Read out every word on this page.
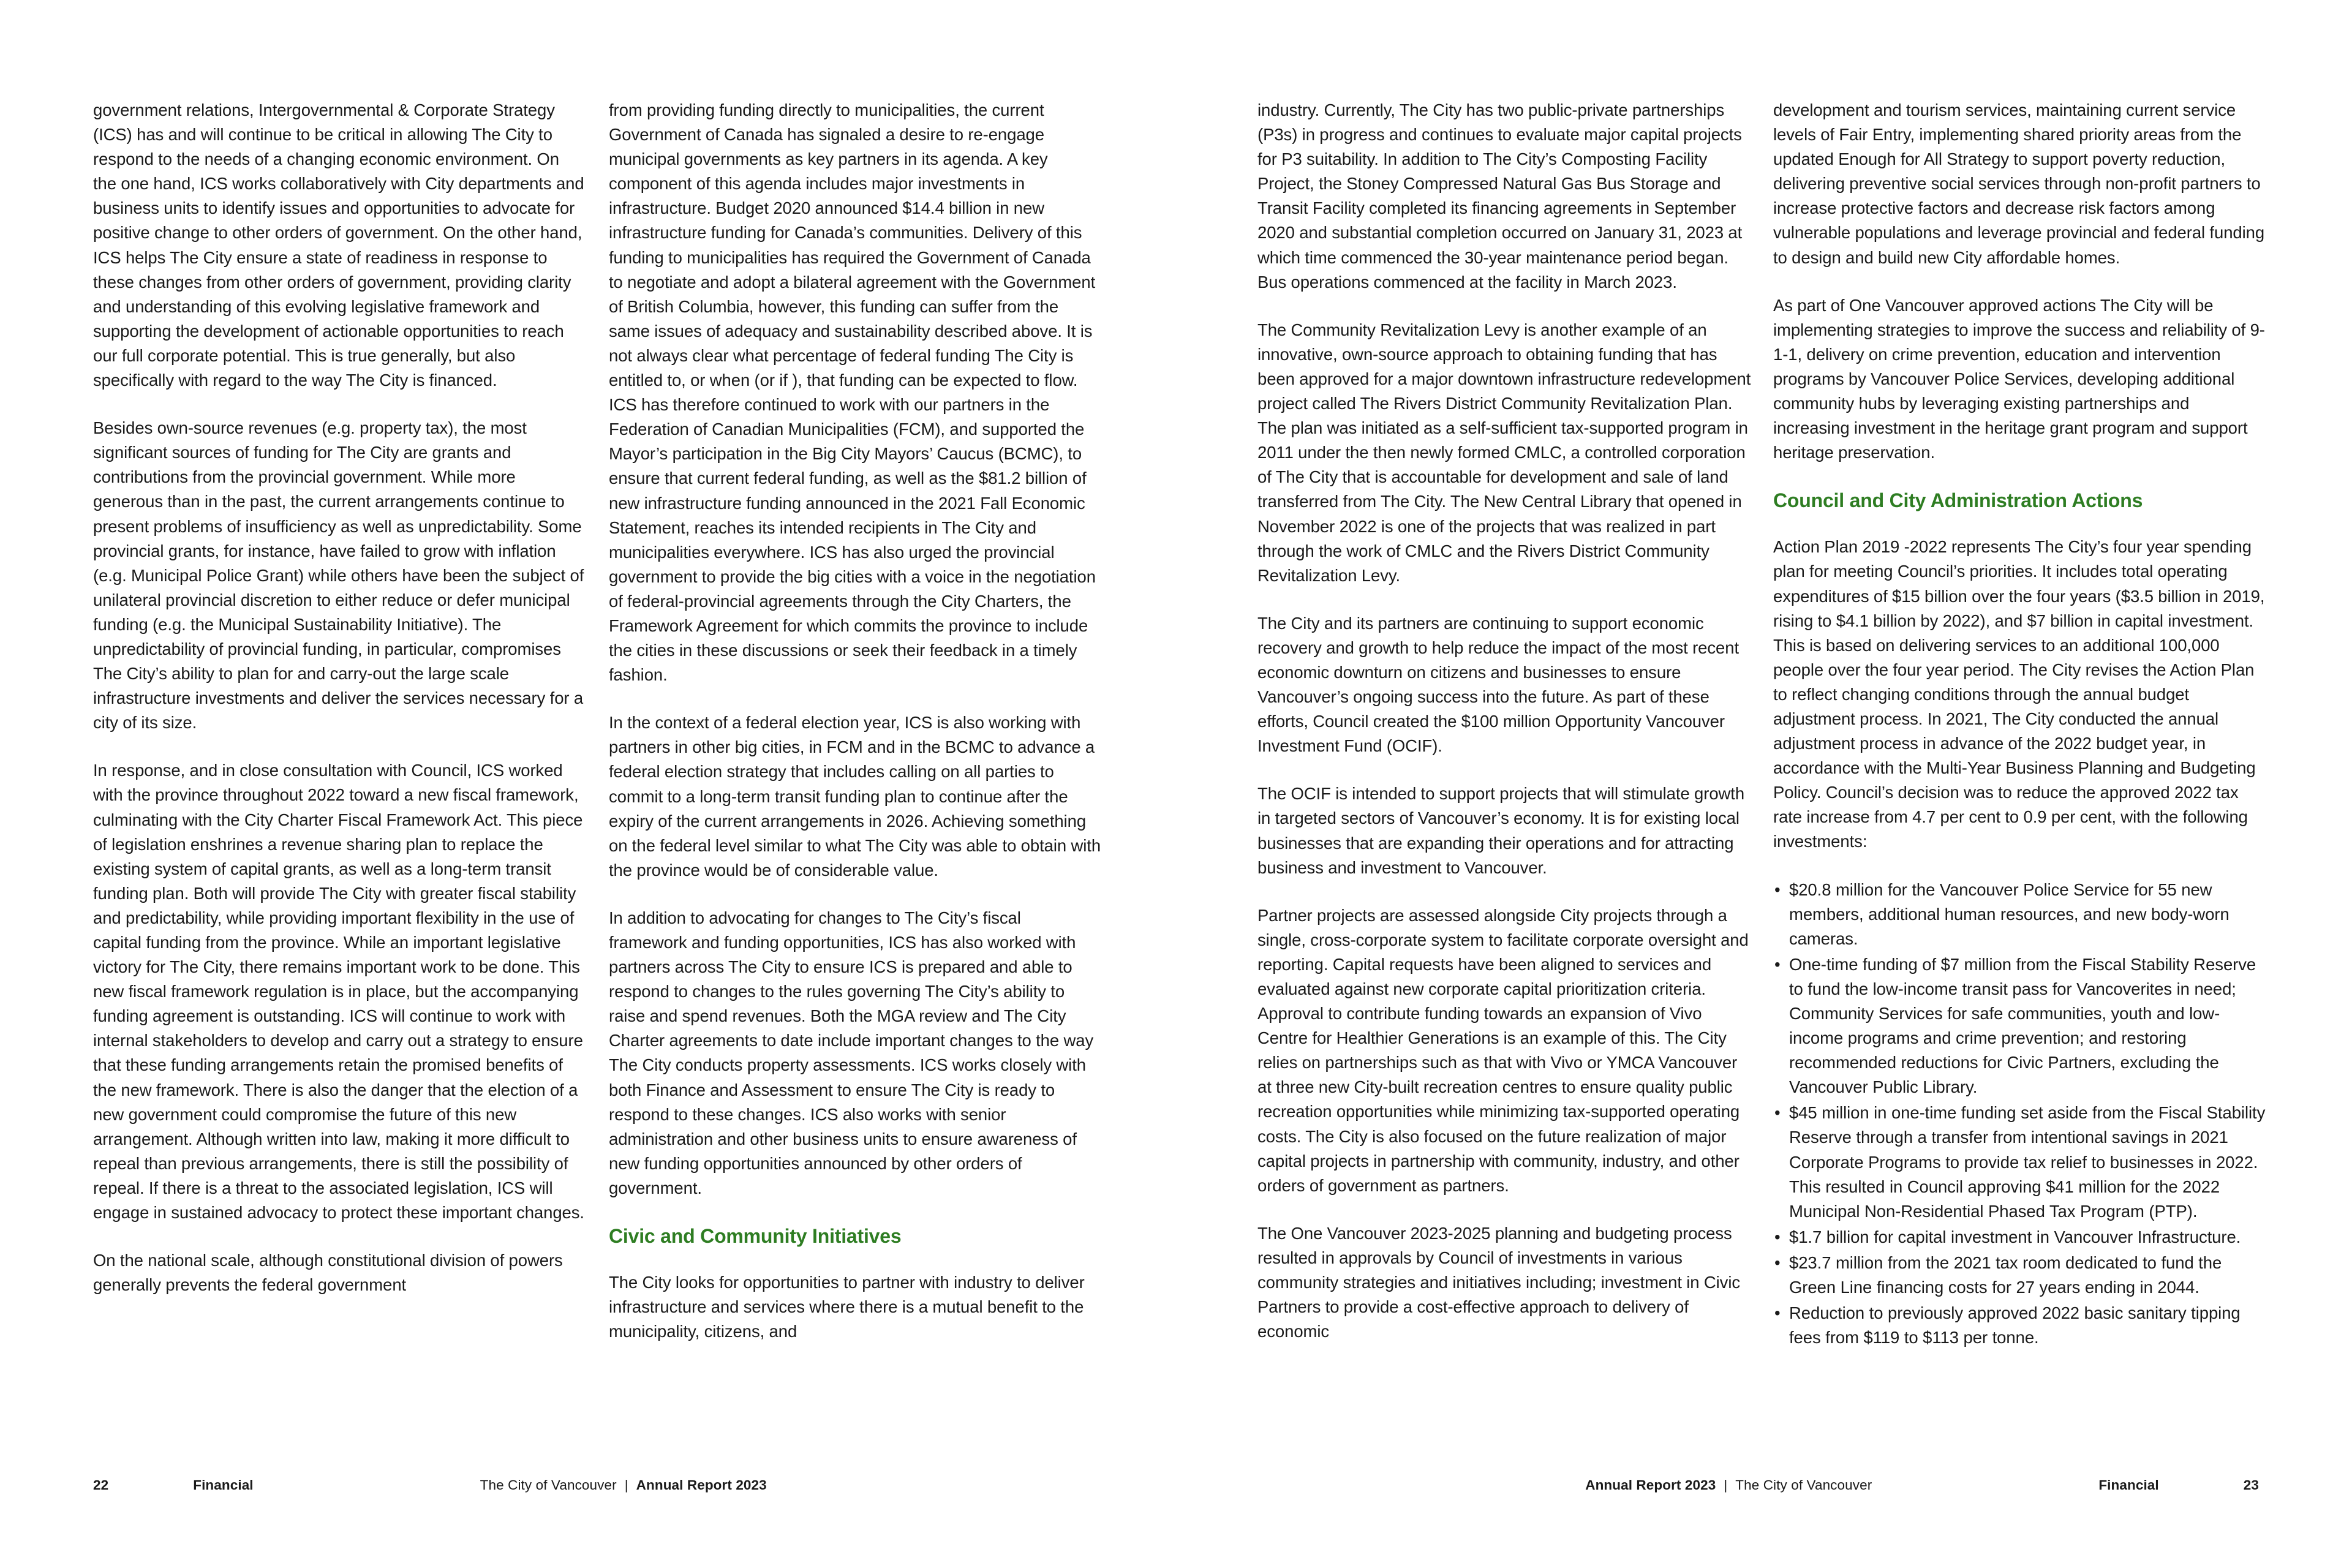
government relations, Intergovernmental & Corporate Strategy (ICS) has and will continue to be critical in allowing The City to respond to the needs of a changing economic environment. On the one hand, ICS works collaboratively with City departments and business units to identify issues and opportunities to advocate for positive change to other orders of government. On the other hand, ICS helps The City ensure a state of readiness in response to these changes from other orders of government, providing clarity and understanding of this evolving legislative framework and supporting the development of actionable opportunities to reach our full corporate potential. This is true generally, but also specifically with regard to the way The City is financed.

Besides own-source revenues (e.g. property tax), the most significant sources of funding for The City are grants and contributions from the provincial government. While more generous than in the past, the current arrangements continue to present problems of insufficiency as well as unpredictability. Some provincial grants, for instance, have failed to grow with inflation (e.g. Municipal Police Grant) while others have been the subject of unilateral provincial discretion to either reduce or defer municipal funding (e.g. the Municipal Sustainability Initiative). The unpredictability of provincial funding, in particular, compromises The City’s ability to plan for and carry-out the large scale infrastructure investments and deliver the services necessary for a city of its size.

In response, and in close consultation with Council, ICS worked with the province throughout 2022 toward a new fiscal framework, culminating with the City Charter Fiscal Framework Act. This piece of legislation enshrines a revenue sharing plan to replace the existing system of capital grants, as well as a long-term transit funding plan. Both will provide The City with greater fiscal stability and predictability, while providing important flexibility in the use of capital funding from the province. While an important legislative victory for The City, there remains important work to be done. This new fiscal framework regulation is in place, but the accompanying funding agreement is outstanding. ICS will continue to work with internal stakeholders to develop and carry out a strategy to ensure that these funding arrangements retain the promised benefits of the new framework. There is also the danger that the election of a new government could compromise the future of this new arrangement. Although written into law, making it more difficult to repeal than previous arrangements, there is still the possibility of repeal. If there is a threat to the associated legislation, ICS will engage in sustained advocacy to protect these important changes.

On the national scale, although constitutional division of powers generally prevents the federal government

from providing funding directly to municipalities, the current Government of Canada has signaled a desire to re-engage municipal governments as key partners in its agenda. A key component of this agenda includes major investments in infrastructure. Budget 2020 announced $14.4 billion in new infrastructure funding for Canada’s communities. Delivery of this funding to municipalities has required the Government of Canada to negotiate and adopt a bilateral agreement with the Government of British Columbia, however, this funding can suffer from the same issues of adequacy and sustainability described above. It is not always clear what percentage of federal funding The City is entitled to, or when (or if ), that funding can be expected to flow. ICS has therefore continued to work with our partners in the Federation of Canadian Municipalities (FCM), and supported the Mayor’s participation in the Big City Mayors’ Caucus (BCMC), to ensure that current federal funding, as well as the $81.2 billion of new infrastructure funding announced in the 2021 Fall Economic Statement, reaches its intended recipients in The City and municipalities everywhere. ICS has also urged the provincial government to provide the big cities with a voice in the negotiation of federal-provincial agreements through the City Charters, the Framework Agreement for which commits the province to include the cities in these discussions or seek their feedback in a timely fashion.

In the context of a federal election year, ICS is also working with partners in other big cities, in FCM and in the BCMC to advance a federal election strategy that includes calling on all parties to commit to a long-term transit funding plan to continue after the expiry of the current arrangements in 2026. Achieving something on the federal level similar to what The City was able to obtain with the province would be of considerable value.

In addition to advocating for changes to The City’s fiscal framework and funding opportunities, ICS has also worked with partners across The City to ensure ICS is prepared and able to respond to changes to the rules governing The City’s ability to raise and spend revenues. Both the MGA review and The City Charter agreements to date include important changes to the way The City conducts property assessments. ICS works closely with both Finance and Assessment to ensure The City is ready to respond to these changes. ICS also works with senior administration and other business units to ensure awareness of new funding opportunities announced by other orders of government.

Civic and Community Initiatives

The City looks for opportunities to partner with industry to deliver infrastructure and services where there is a mutual benefit to the municipality, citizens, and

industry. Currently, The City has two public-private partnerships (P3s) in progress and continues to evaluate major capital projects for P3 suitability. In addition to The City’s Composting Facility Project, the Stoney Compressed Natural Gas Bus Storage and Transit Facility completed its financing agreements in September 2020 and substantial completion occurred on January 31, 2023 at which time commenced the 30-year maintenance period began. Bus operations commenced at the facility in March 2023.

The Community Revitalization Levy is another example of an innovative, own-source approach to obtaining funding that has been approved for a major downtown infrastructure redevelopment project called The Rivers District Community Revitalization Plan. The plan was initiated as a self-sufficient tax-supported program in 2011 under the then newly formed CMLC, a controlled corporation of The City that is accountable for development and sale of land transferred from The City. The New Central Library that opened in November 2022 is one of the projects that was realized in part through the work of CMLC and the Rivers District Community Revitalization Levy.

The City and its partners are continuing to support economic recovery and growth to help reduce the impact of the most recent economic downturn on citizens and businesses to ensure Vancouver’s ongoing success into the future. As part of these efforts, Council created the $100 million Opportunity Vancouver Investment Fund (OCIF).

The OCIF is intended to support projects that will stimulate growth in targeted sectors of Vancouver’s economy. It is for existing local businesses that are expanding their operations and for attracting business and investment to Vancouver.

Partner projects are assessed alongside City projects through a single, cross-corporate system to facilitate corporate oversight and reporting. Capital requests have been aligned to services and evaluated against new corporate capital prioritization criteria. Approval to contribute funding towards an expansion of Vivo Centre for Healthier Generations is an example of this. The City relies on partnerships such as that with Vivo or YMCA Vancouver at three new City-built recreation centres to ensure quality public recreation opportunities while minimizing tax-supported operating costs. The City is also focused on the future realization of major capital projects in partnership with community, industry, and other orders of government as partners.

The One Vancouver 2023-2025 planning and budgeting process resulted in approvals by Council of investments in various community strategies and initiatives including; investment in Civic Partners to provide a cost-effective approach to delivery of economic

development and tourism services, maintaining current service levels of Fair Entry, implementing shared priority areas from the updated Enough for All Strategy to support poverty reduction, delivering preventive social services through non-profit partners to increase protective factors and decrease risk factors among vulnerable populations and leverage provincial and federal funding to design and build new City affordable homes.

As part of One Vancouver approved actions The City will be implementing strategies to improve the success and reliability of 9-1-1, delivery on crime prevention, education and intervention programs by Vancouver Police Services, developing additional community hubs by leveraging existing partnerships and increasing investment in the heritage grant program and support heritage preservation.

Council and City Administration Actions

Action Plan 2019 -2022 represents The City’s four year spending plan for meeting Council’s priorities. It includes total operating expenditures of $15 billion over the four years ($3.5 billion in 2019, rising to $4.1 billion by 2022), and $7 billion in capital investment. This is based on delivering services to an additional 100,000 people over the four year period. The City revises the Action Plan to reflect changing conditions through the annual budget adjustment process. In 2021, The City conducted the annual adjustment process in advance of the 2022 budget year, in accordance with the Multi-Year Business Planning and Budgeting Policy. Council’s decision was to reduce the approved 2022 tax rate increase from 4.7 per cent to 0.9 per cent, with the following investments:

• $20.8 million for the Vancouver Police Service for 55 new members, additional human resources, and new body-worn cameras.
• One-time funding of $7 million from the Fiscal Stability Reserve to fund the low-income transit pass for Vancoverites in need; Community Services for safe communities, youth and low-income programs and crime prevention; and restoring recommended reductions for Civic Partners, excluding the Vancouver Public Library.
• $45 million in one-time funding set aside from the Fiscal Stability Reserve through a transfer from intentional savings in 2021 Corporate Programs to provide tax relief to businesses in 2022. This resulted in Council approving $41 million for the 2022 Municipal Non-Residential Phased Tax Program (PTP).
• $1.7 billion for capital investment in Vancouver Infrastructure.
• $23.7 million from the 2021 tax room dedicated to fund the Green Line financing costs for 27 years ending in 2044.
• Reduction to previously approved 2022 basic sanitary tipping fees from $119 to $113 per tonne.
22	Financial	The City of Vancouver | Annual Report 2023	Annual Report 2023 | The City of Vancouver	Financial	23
